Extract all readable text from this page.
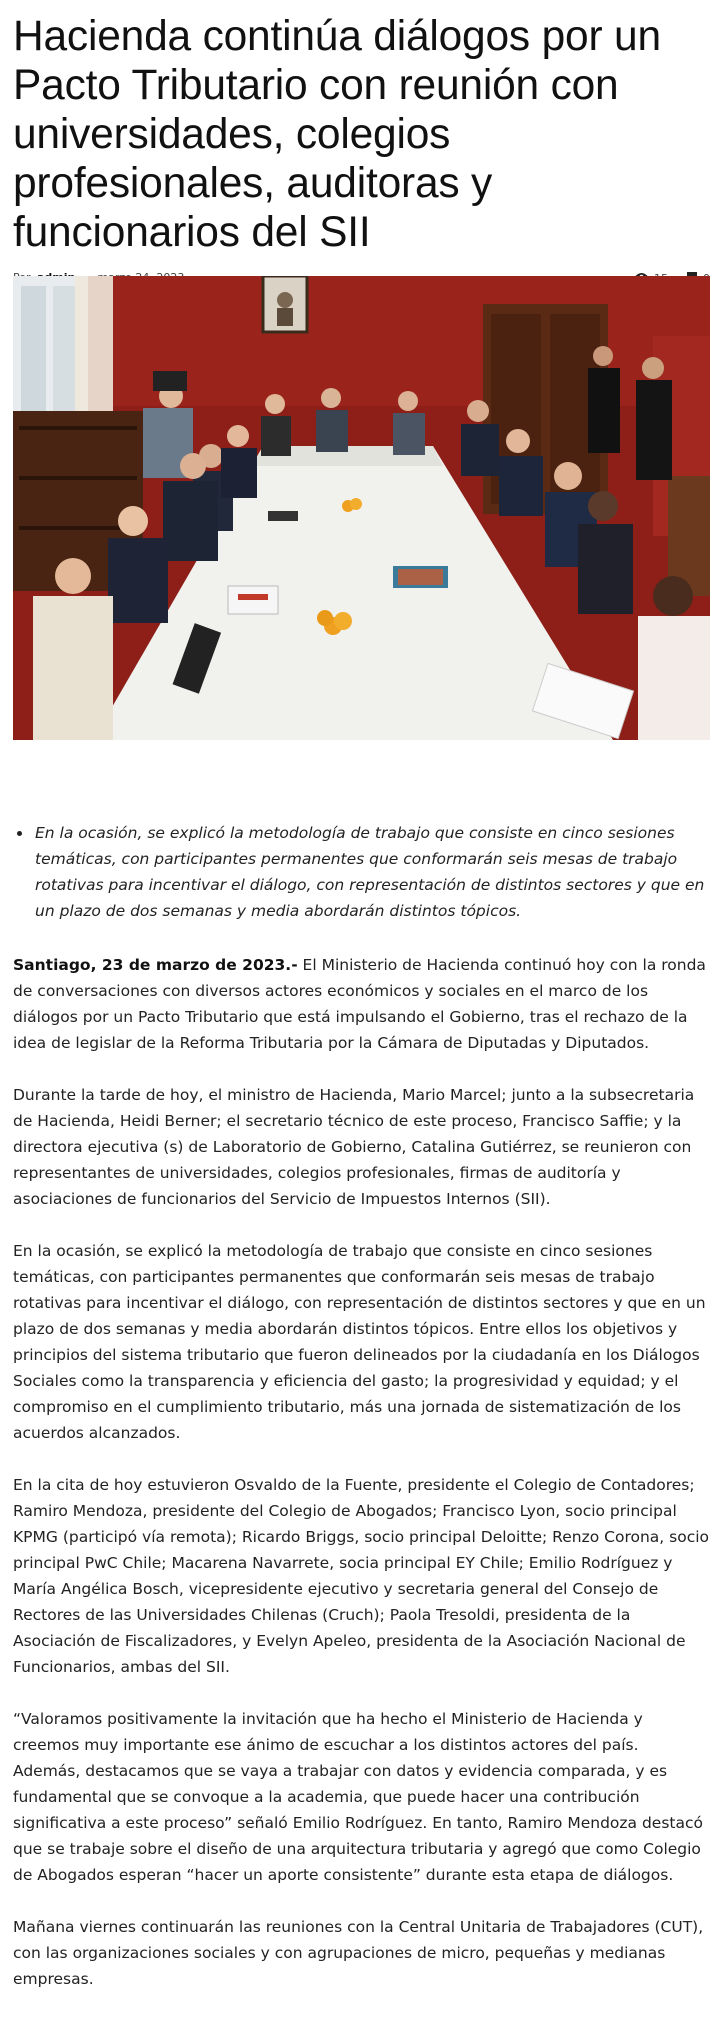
Hacienda continúa diálogos por un Pacto Tributario con reunión con universidades, colegios profesionales, auditoras y funcionarios del SII
• En la ocasión, se explicó la metodología de trabajo que consiste en cinco sesiones temáticas, con participantes permanentes que conformarán seis mesas de trabajo rotativas para incentivar el diálogo, con representación de distintos sectores y que en un plazo de dos semanas y media abordarán distintos tópicos.

Santiago, 23 de marzo de 2023.- El Ministerio de Hacienda continuó hoy con la ronda de conversaciones con diversos actores económicos y sociales en el marco de los diálogos por un Pacto Tributario que está impulsando el Gobierno, tras el rechazo de la idea de legislar de la Reforma Tributaria por la Cámara de Diputadas y Diputados.

Durante la tarde de hoy, el ministro de Hacienda, Mario Marcel; junto a la subsecretaria de Hacienda, Heidi Berner; el secretario técnico de este proceso, Francisco Saffie; y la directora ejecutiva (s) de Laboratorio de Gobierno, Catalina Gutiérrez, se reunieron con representantes de universidades, colegios profesionales, firmas de auditoría y asociaciones de funcionarios del Servicio de Impuestos Internos (SII).

En la ocasión, se explicó la metodología de trabajo que consiste en cinco sesiones temáticas, con participantes permanentes que conformarán seis mesas de trabajo rotativas para incentivar el diálogo, con representación de distintos sectores y que en un plazo de dos semanas y media abordarán distintos tópicos. Entre ellos los objetivos y principios del sistema tributario que fueron delineados por la ciudadanía en los Diálogos Sociales como la transparencia y eficiencia del gasto; la progresividad y equidad; y el compromiso en el cumplimiento tributario, más una jornada de sistematización de los acuerdos alcanzados.

En la cita de hoy estuvieron Osvaldo de la Fuente, presidente el Colegio de Contadores; Ramiro Mendoza, presidente del Colegio de Abogados; Francisco Lyon, socio principal KPMG (participó vía remota); Ricardo Briggs, socio principal Deloitte; Renzo Corona, socio principal PwC Chile; Macarena Navarrete, socia principal EY Chile; Emilio Rodríguez y María Angélica Bosch, vicepresidente ejecutivo y secretaria general del Consejo de Rectores de las Universidades Chilenas (Cruch); Paola Tresoldi, presidenta de la Asociación de Fiscalizadores, y Evelyn Apeleo, presidenta de la Asociación Nacional de Funcionarios, ambas del SII.

“Valoramos positivamente la invitación que ha hecho el Ministerio de Hacienda y creemos muy importante ese ánimo de escuchar a los distintos actores del país. Además, destacamos que se vaya a trabajar con datos y evidencia comparada, y es fundamental que se convoque a la academia, que puede hacer una contribución significativa a este proceso” señaló Emilio Rodríguez. En tanto, Ramiro Mendoza destacó que se trabaje sobre el diseño de una arquitectura tributaria y agregó que como Colegio de Abogados esperan “hacer un aporte consistente” durante esta etapa de diálogos.

Mañana viernes continuarán las reuniones con la Central Unitaria de Trabajadores (CUT), con las organizaciones sociales y con agrupaciones de micro, pequeñas y medianas empresas.
